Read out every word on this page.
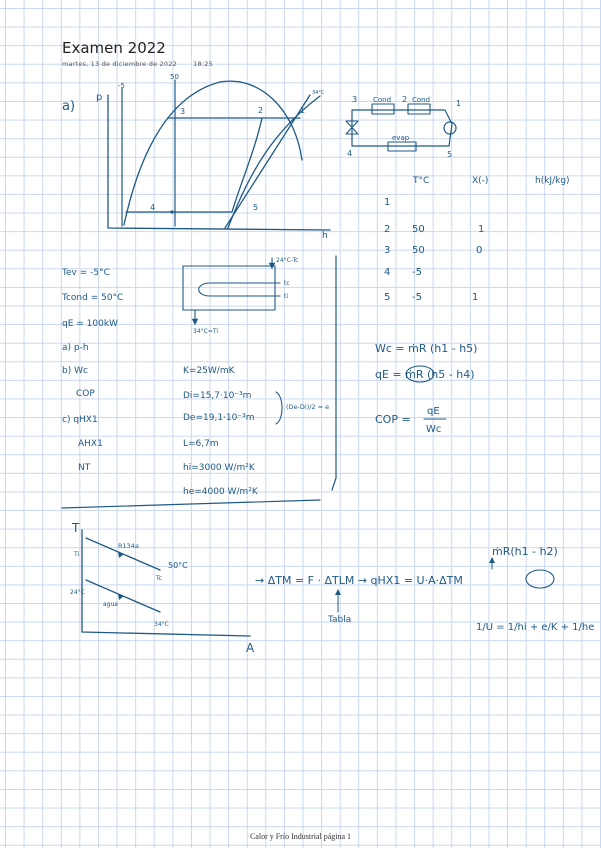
Examen 2022
martes, 13 de diciembre de 2022	18:25
a)
p
h
-5
50
34°C
3	2	1
4	5
3 Cond 2 Cond	1
evap
4	5
T°C	X(-)	h(kJ/kg)
1
2 50	1
3 50	0
4 -5
5 -5	1
Tev = -5°C
Tcond = 50°C
qE = 100kW
a) p-h
b) Wc
COP
c) qHX1
AHX1
NT
24°C-Tc
tc
ti
34°C=Ti
K=25W/mK
Di=15,7·10⁻³m
De=19,1·10⁻³m
L=6,7m
hi=3000 W/m²K
he=4000 W/m²K
(De-Di)/2 = e
Wc = ṁR (h1 - h5)
qE = ṁR (h5 - h4)
COP =
qE
Wc
T
A
Ti
R134a
50°C
Tc
24°C
agua
34°C
ṁR(h1 - h2)
→ ΔTM = F · ΔTLM → qHX1 = U·A·ΔTM
Tabla
1/U = 1/hi + e/K + 1/he
Calor y Frío Industrial página 1
